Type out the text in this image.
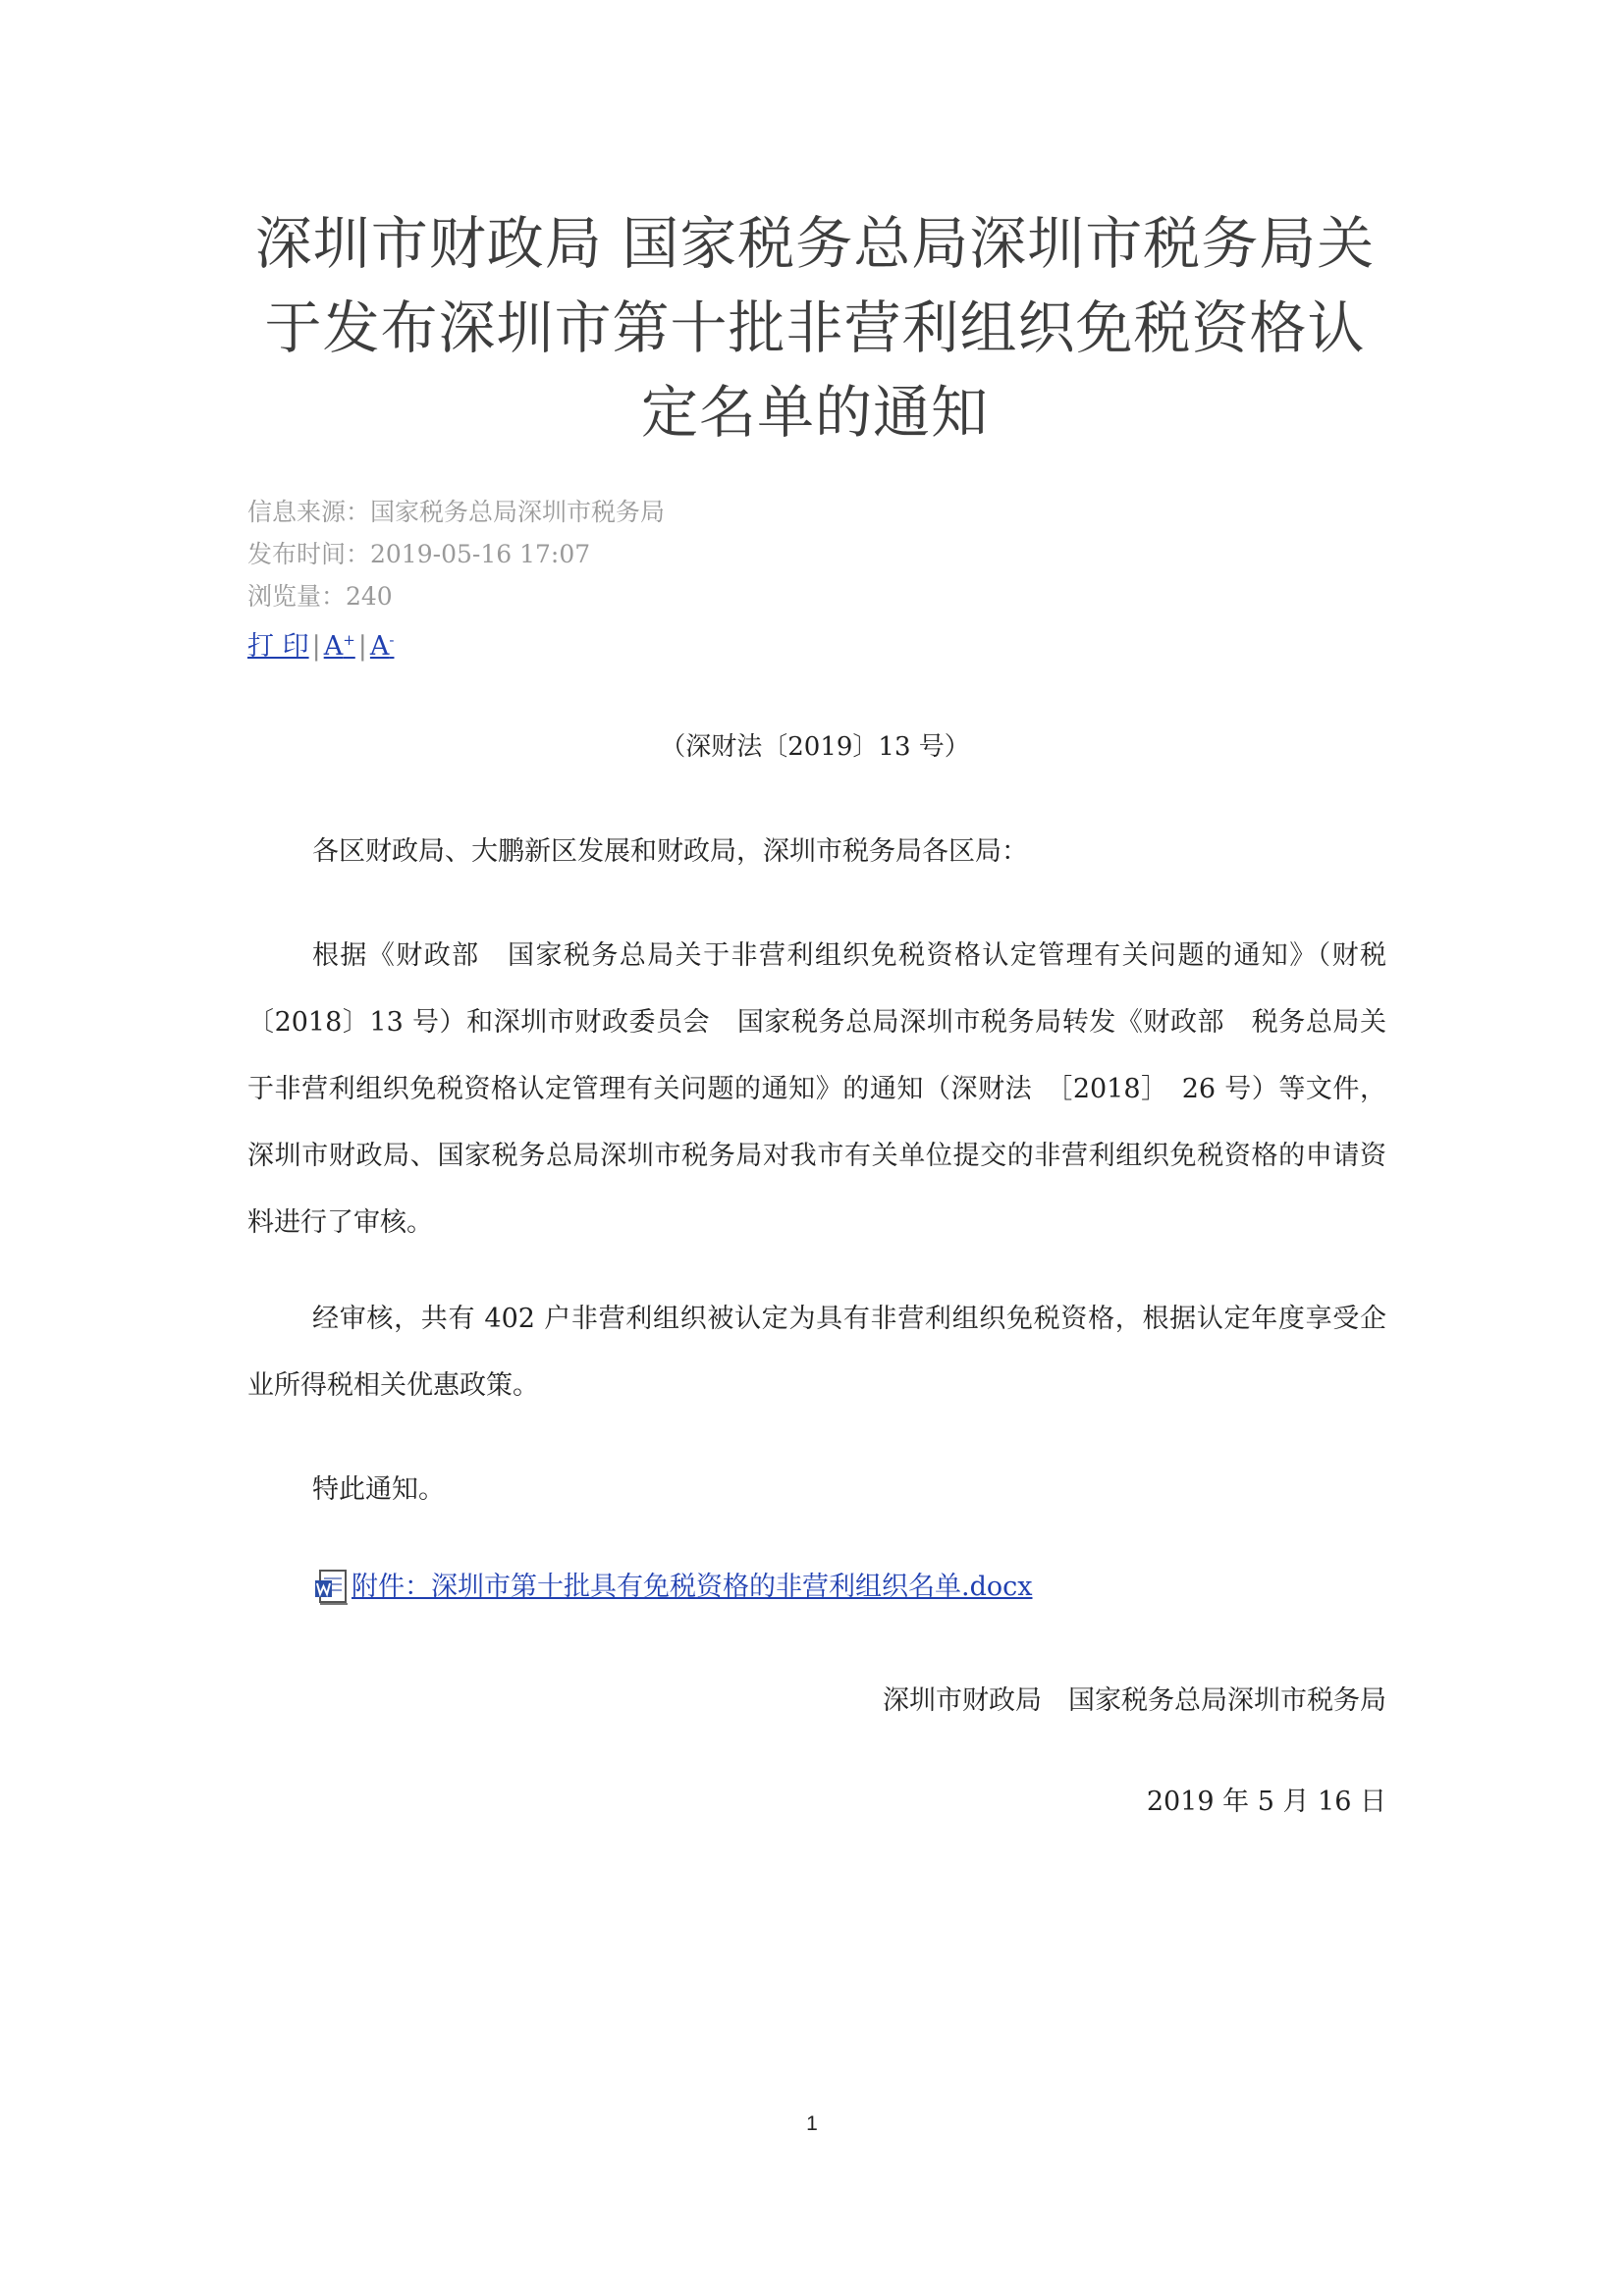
深圳市财政局 国家税务总局深圳市税务局关于发布深圳市第十批非营利组织免税资格认定名单的通知
信息来源：国家税务总局深圳市税务局
发布时间：2019-05-16 17:07
浏览量：240
打 印 | A+ | A-
（深财法〔2019〕13 号）
各区财政局、大鹏新区发展和财政局，深圳市税务局各区局：
根据《财政部　国家税务总局关于非营利组织免税资格认定管理有关问题的通知》（财税〔2018〕13 号）和深圳市财政委员会　国家税务总局深圳市税务局转发《财政部　税务总局关于非营利组织免税资格认定管理有关问题的通知》的通知（深财法　［2018］　26 号）等文件，深圳市财政局、国家税务总局深圳市税务局对我市有关单位提交的非营利组织免税资格的申请资料进行了审核。
经审核，共有 402 户非营利组织被认定为具有非营利组织免税资格，根据认定年度享受企业所得税相关优惠政策。
特此通知。
附件：深圳市第十批具有免税资格的非营利组织名单.docx
深圳市财政局　国家税务总局深圳市税务局
2019 年 5 月 16 日
1
